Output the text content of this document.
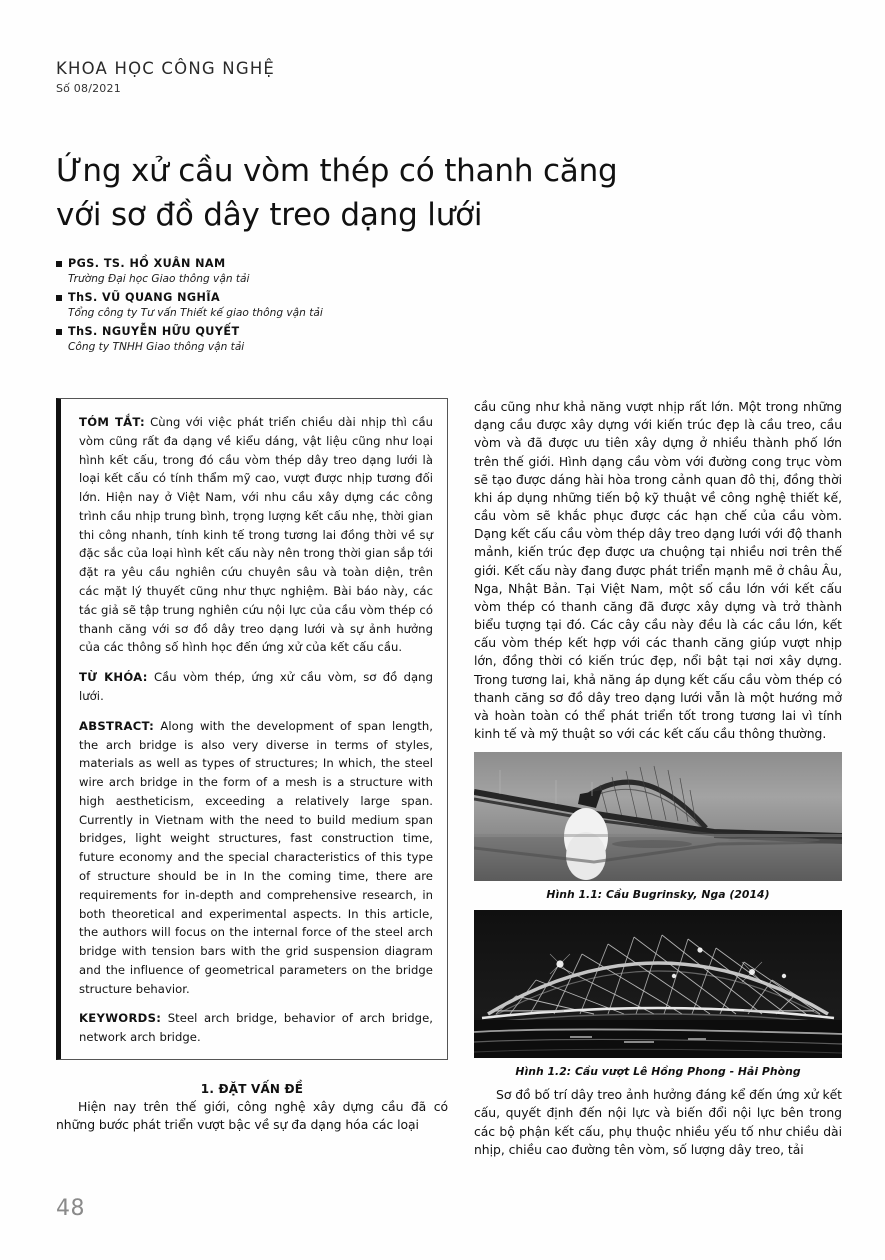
KHOA HỌC CÔNG NGHỆ
Số 08/2021
Ứng xử cầu vòm thép có thanh căng
với sơ đồ dây treo dạng lưới
PGS. TS. HỒ XUÂN NAM
Trường Đại học Giao thông vận tải
ThS. VŨ QUANG NGHĨA
Tổng công ty Tư vấn Thiết kế giao thông vận tải
ThS. NGUYỄN HỮU QUYẾT
Công ty TNHH Giao thông vận tải

TÓM TẮT: Cùng với việc phát triển chiều dài nhịp thì cầu vòm cũng rất đa dạng về kiểu dáng, vật liệu cũng như loại hình kết cấu, trong đó cầu vòm thép dây treo dạng lưới là loại kết cấu có tính thẩm mỹ cao, vượt được nhịp tương đối lớn. Hiện nay ở Việt Nam, với nhu cầu xây dựng các công trình cầu nhịp trung bình, trọng lượng kết cấu nhẹ, thời gian thi công nhanh, tính kinh tế trong tương lai đồng thời về sự đặc sắc của loại hình kết cấu này nên trong thời gian sắp tới đặt ra yêu cầu nghiên cứu chuyên sâu và toàn diện, trên các mặt lý thuyết cũng như thực nghiệm. Bài báo này, các tác giả sẽ tập trung nghiên cứu nội lực của cầu vòm thép có thanh căng với sơ đồ dây treo dạng lưới và sự ảnh hưởng của các thông số hình học đến ứng xử của kết cấu cầu.

TỪ KHÓA: Cầu vòm thép, ứng xử cầu vòm, sơ đồ dạng lưới.

ABSTRACT: Along with the development of span length, the arch bridge is also very diverse in terms of styles, materials as well as types of structures; In which, the steel wire arch bridge in the form of a mesh is a structure with high aestheticism, exceeding a relatively large span. Currently in Vietnam with the need to build medium span bridges, light weight structures, fast construction time, future economy and the special characteristics of this type of structure should be in In the coming time, there are requirements for in-depth and comprehensive research, in both theoretical and experimental aspects. In this article, the authors will focus on the internal force of the steel arch bridge with tension bars with the grid suspension diagram and the influence of geometrical parameters on the bridge structure behavior.

KEYWORDS: Steel arch bridge, behavior of arch bridge, network arch bridge.

1. ĐẶT VẤN ĐỀ

Hiện nay trên thế giới, công nghệ xây dựng cầu đã có những bước phát triển vượt bậc về sự đa dạng hóa các loại

cầu cũng như khả năng vượt nhịp rất lớn. Một trong những dạng cầu được xây dựng với kiến trúc đẹp là cầu treo, cầu vòm và đã được ưu tiên xây dựng ở nhiều thành phố lớn trên thế giới. Hình dạng cầu vòm với đường cong trục vòm sẽ tạo được dáng hài hòa trong cảnh quan đô thị, đồng thời khi áp dụng những tiến bộ kỹ thuật về công nghệ thiết kế, cầu vòm sẽ khắc phục được các hạn chế của cầu vòm. Dạng kết cấu cầu vòm thép dây treo dạng lưới với độ thanh mảnh, kiến trúc đẹp được ưa chuộng tại nhiều nơi trên thế giới. Kết cấu này đang được phát triển mạnh mẽ ở châu Âu, Nga, Nhật Bản. Tại Việt Nam, một số cầu lớn với kết cấu vòm thép có thanh căng đã được xây dựng và trở thành biểu tượng tại đó. Các cây cầu này đều là các cầu lớn, kết cấu vòm thép kết hợp với các thanh căng giúp vượt nhịp lớn, đồng thời có kiến trúc đẹp, nổi bật tại nơi xây dựng. Trong tương lai, khả năng áp dụng kết cấu cầu vòm thép có thanh căng sơ đồ dây treo dạng lưới vẫn là một hướng mở và hoàn toàn có thể phát triển tốt trong tương lai vì tính kinh tế và mỹ thuật so với các kết cấu cầu thông thường.

Hình 1.1: Cầu Bugrinsky, Nga (2014)
Hình 1.2: Cầu vượt Lê Hồng Phong - Hải Phòng

Sơ đồ bố trí dây treo ảnh hưởng đáng kể đến ứng xử kết cấu, quyết định đến nội lực và biến đổi nội lực bên trong các bộ phận kết cấu, phụ thuộc nhiều yếu tố như chiều dài nhịp, chiều cao đường tên vòm, số lượng dây treo, tải

48
